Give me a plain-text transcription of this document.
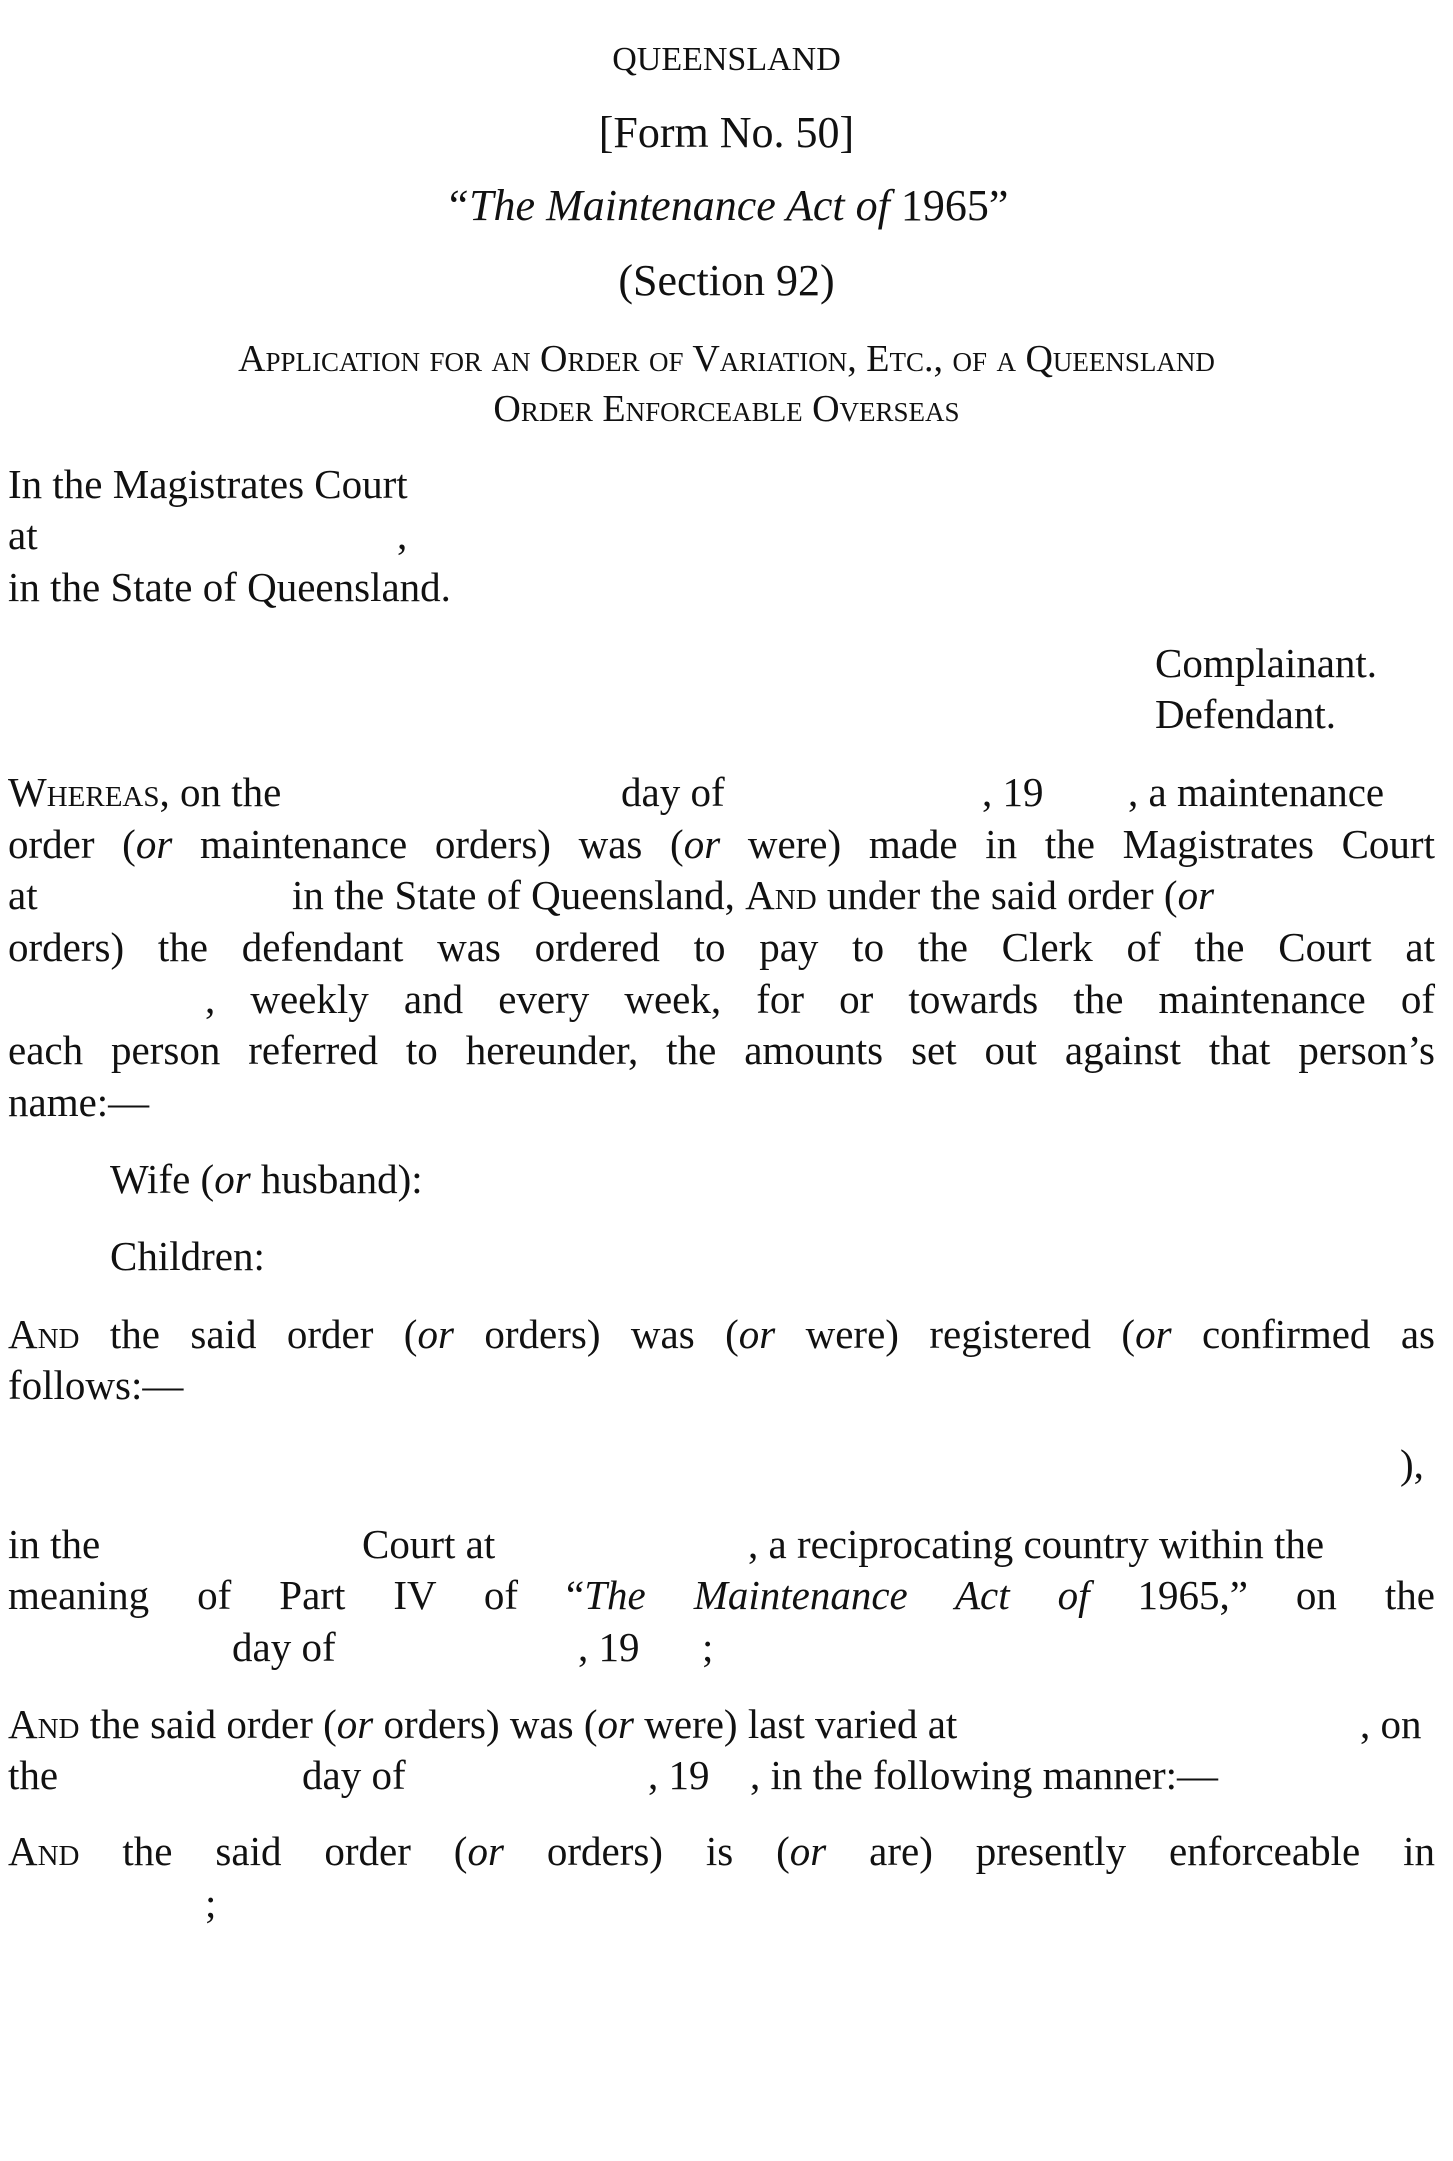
QUEENSLAND
[Form No. 50]
“The Maintenance Act of 1965”
(Section 92)
Application for an Order of Variation, Etc., of a Queensland
Order Enforceable Overseas
In the Magistrates Court
at	,
in the State of Queensland.
Complainant.
Defendant.
Whereas, on the	day of	, 19 , a maintenance
order (or maintenance orders) was (or were) made in the Magistrates Court
at	in the State of Queensland, And under the said order (or
orders) the defendant was ordered to pay to the Clerk of the Court at
, weekly and every week, for or towards the maintenance of
each person referred to hereunder, the amounts set out against that person’s
name:—
Wife (or husband):
Children:
And the said order (or orders) was (or were) registered (or confirmed as
follows:—
),
in the	Court at	, a reciprocating country within the
meaning of Part IV of “The Maintenance Act of 1965,” on the
day of	, 19 ;
And the said order (or orders) was (or were) last varied at	, on
the	day of	, 19 , in the following manner:—
And the said order (or orders) is (or are) presently enforceable in
;
